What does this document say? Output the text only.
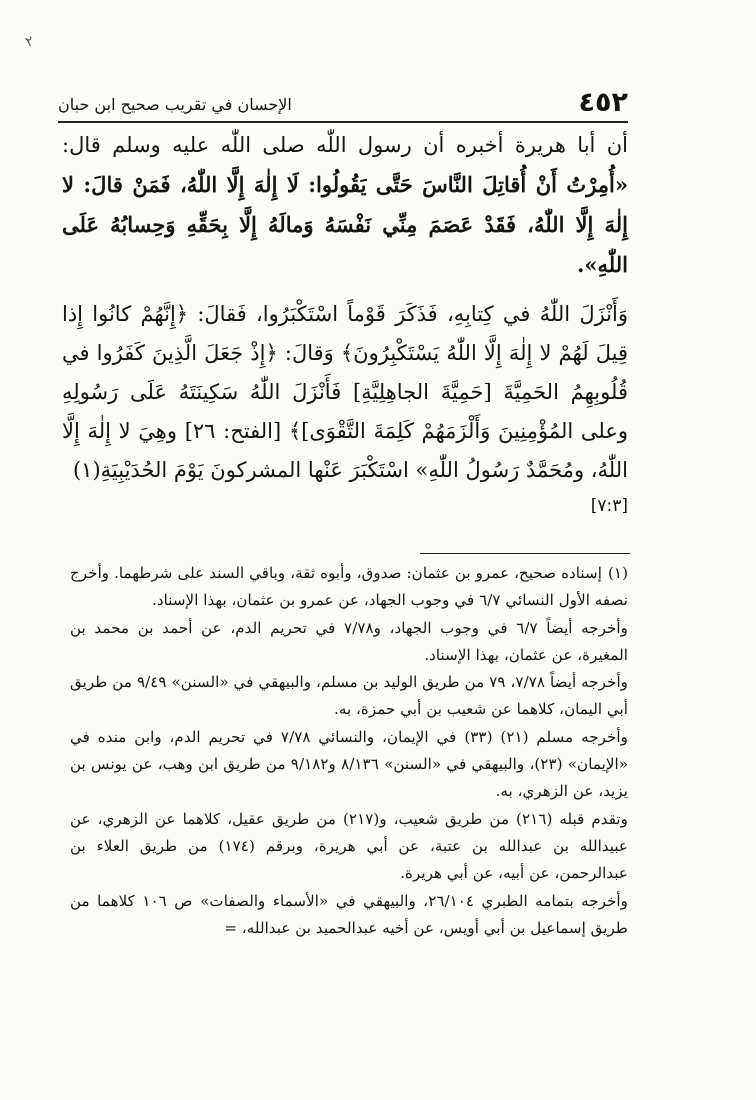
٢
٤٥٢
الإحسان في تقريب صحيح ابن حبان

أن أبا هريرة أخبره أن رسول اللّٰه صلى اللّٰه عليه وسلم قال: «أُمِرْتُ أَنْ أُقاتِلَ النَّاسَ حَتَّى يَقُولُوا: لَا إِلٰهَ إِلَّا اللّٰهُ، فَمَنْ قالَ: لا إِلٰهَ إِلَّا اللّٰهُ، فَقَدْ عَصَمَ مِنِّي نَفْسَهُ وَمالَهُ إِلَّا بِحَقِّهِ وَحِسابُهُ عَلَى اللّٰهِ».

وَأَنْزَلَ اللّٰهُ في كِتابِهِ، فَذَكَرَ قَوْماً اسْتَكْبَرُوا، فَقالَ: ﴿إِنَّهُمْ كانُوا إِذا قِيلَ لَهُمْ لا إِلٰهَ إِلَّا اللّٰهُ يَسْتَكْبِرُونَ﴾ وَقالَ: ﴿إِذْ جَعَلَ الَّذِينَ كَفَرُوا في قُلُوبِهِمُ الحَمِيَّةَ [حَمِيَّةَ الجاهِلِيَّةِ] فَأَنْزَلَ اللّٰهُ سَكِينَتَهُ عَلَى رَسُولِهِ وعلى المُؤْمِنِينَ وَأَلْزَمَهُمْ كَلِمَةَ التَّقْوَى]﴾ [الفتح: ٢٦] وهِيَ لا إِلٰهَ إِلَّا اللّٰهُ، ومُحَمَّدٌ رَسُولُ اللّٰهِ» اسْتَكْبَرَ عَنْها المشركونَ يَوْمَ الحُدَيْبِيَةِ(١)

[٧:٣]

(١)إسناده صحيح، عمرو بن عثمان: صدوق، وأبوه ثقة، وباقي السند على شرطهما. وأخرج نصفه الأول النسائي ٦/٧ في وجوب الجهاد، عن عمرو بن عثمان، بهذا الإسناد.

وأخرجه أيضاً ٦/٧ في وجوب الجهاد، و٧/٧٨ في تحريم الدم، عن أحمد بن محمد بن المغيرة، عن عثمان، بهذا الإسناد.

وأخرجه أيضاً ٧/٧٨، ٧٩ من طريق الوليد بن مسلم، والبيهقي في «السنن» ٩/٤٩ من طريق أبي اليمان، كلاهما عن شعيب بن أبي حمزة، به.

وأخرجه مسلم (٢١) (٣٣) في الإيمان، والنسائي ٧/٧٨ في تحريم الدم، وابن منده في «الإيمان» (٢٣)، والبيهقي في «السنن» ٨/١٣٦ و٩/١٨٢ من طريق ابن وهب، عن يونس بن يزيد، عن الزهري، به.

وتقدم قبله (٢١٦) من طريق شعيب، و(٢١٧) من طريق عقيل، كلاهما عن الزهري، عن عبيدالله بن عبدالله بن عتبة، عن أبي هريرة، وبرقم (١٧٤) من طريق العلاء بن عبدالرحمن، عن أبيه، عن أبي هريرة.

وأخرجه بتمامه الطبري ٢٦/١٠٤، والبيهقي في «الأسماء والصفات» ص ١٠٦ كلاهما من طريق إسماعيل بن أبي أويس، عن أخيه عبدالحميد بن عبدالله، =
